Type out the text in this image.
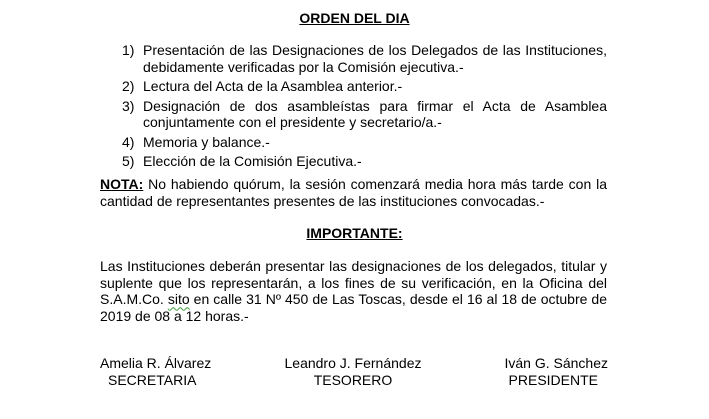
ORDEN DEL DIA
1) Presentación de las Designaciones de los Delegados de las Instituciones, debidamente verificadas por la Comisión ejecutiva.-
2) Lectura del Acta de la Asamblea anterior.-
3) Designación de dos asambleístas para firmar el Acta de Asamblea conjuntamente con el presidente y secretario/a.-
4) Memoria y balance.-
5) Elección de la Comisión Ejecutiva.-
NOTA: No habiendo quórum, la sesión comenzará media hora más tarde con la cantidad de representantes presentes de las instituciones convocadas.-
IMPORTANTE:
Las Instituciones deberán presentar las designaciones de los delegados, titular y suplente que los representarán, a los fines de su verificación, en la Oficina del S.A.M.Co. sito en calle 31 Nº 450 de Las Toscas, desde el 16 al 18 de octubre de 2019 de 08 a 12 horas.-
Amelia R. Álvarez
SECRETARIA
Leandro J. Fernández
TESORERO
Iván G. Sánchez
PRESIDENTE
